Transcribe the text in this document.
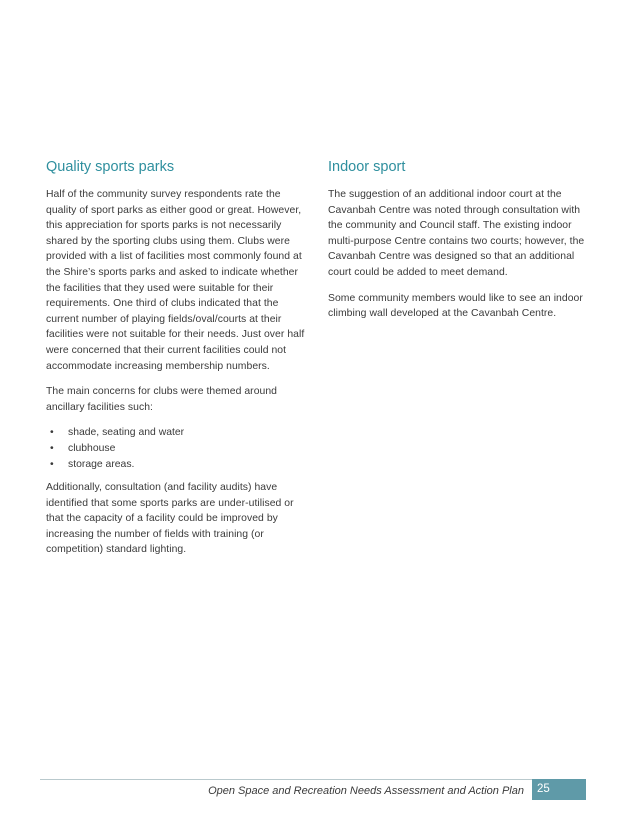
Quality sports parks

Half of the community survey respondents rate the quality of sport parks as either good or great. However, this appreciation for sports parks is not necessarily shared by the sporting clubs using them. Clubs were provided with a list of facilities most commonly found at the Shire’s sports parks and asked to indicate whether the facilities that they used were suitable for their requirements. One third of clubs indicated that the current number of playing fields/oval/courts at their facilities were not suitable for their needs. Just over half were concerned that their current facilities could not accommodate increasing membership numbers.

The main concerns for clubs were themed around ancillary facilities such:

• shade, seating and water
• clubhouse
• storage areas.

Additionally, consultation (and facility audits) have identified that some sports parks are under-utilised or that the capacity of a facility could be improved by increasing the number of fields with training (or competition) standard lighting.

Indoor sport

The suggestion of an additional indoor court at the Cavanbah Centre was noted through consultation with the community and Council staff. The existing indoor multi-purpose Centre contains two courts; however, the Cavanbah Centre was designed so that an additional court could be added to meet demand.

Some community members would like to see an indoor climbing wall developed at the Cavanbah Centre.

Open Space and Recreation Needs Assessment and Action Plan	25
